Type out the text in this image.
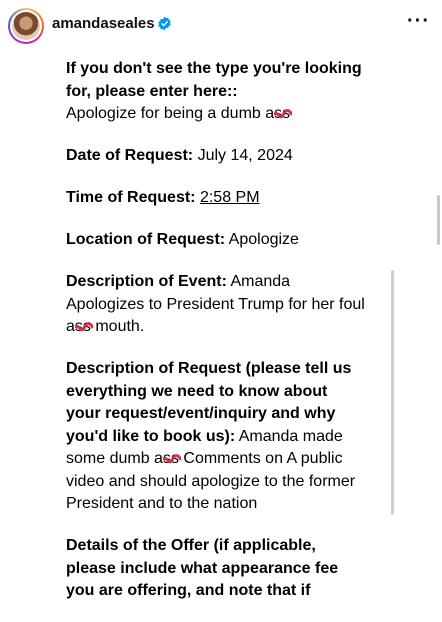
amandaseales	···
If you don't see the type you're looking for, please enter here::
Apologize for being a dumb ass
Date of Request: July 14, 2024
Time of Request: 2:58 PM
Location of Request: Apologize
Description of Event: Amanda Apologizes to President Trump for her foul ass
mouth.
Description of Request (please tell us everything we need to know about your request/event/inquiry and why you'd like to book us): Amanda made some dumb ass
Comments on A public video and should apologize to the former President and to the nation
Details of the Offer (if applicable, please include what appearance fee you are offering, and note that if
